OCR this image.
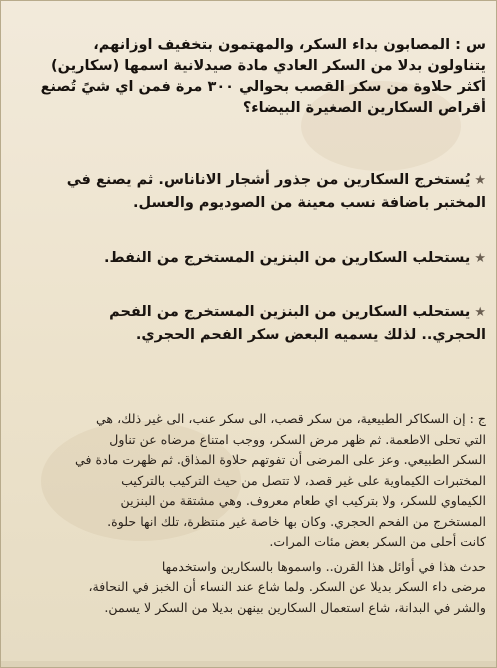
س : المصابون بداء السكر، والمهتمون بتخفيف اوزانهم،
يتناولون بدلا من السكر العادي مادة صيدلانية اسمها (سكارين)
أكثر حلاوة من سكر القصب بحوالي ٣٠٠ مرة فمن اي شيً تُصنع
أقراص السكارين الصغيرة البيضاء؟
★يُستخرج السكارين من جذور أشجار الاناناس. ثم يصنع في
المختبر باضافة نسب معينة من الصوديوم والعسل.
★يستحلب السكارين من البنزين المستخرج من النفط.
★يستحلب السكارين من البنزين المستخرج من الفحم
الحجري.. لذلك يسميه البعض سكر الفحم الحجري.
ج : إن السكاكر الطبيعية، من سكر قصب، الى سكر عنب، الى غير ذلك، هي
التي تحلى الاطعمة. ثم ظهر مرض السكر، ووجب امتناع مرضاه عن تناول
السكر الطبيعي. وعز على المرضى أن تفوتهم حلاوة المذاق. ثم ظهرت مادة في
المختبرات الكيماوية على غير قصد، لا تتصل من حيث التركيب بالتركيب
الكيماوي للسكر، ولا بتركيب اي طعام معروف. وهي مشتقة من البنزين
المستخرج من الفحم الحجري. وكان بها خاصة غير منتظرة، تلك انها حلوة.
كانت أحلى من السكر بعض مئات المرات.
حدث هذا في أوائل هذا القرن.. واسموها بالسكارين واستخدمها
مرضى داء السكر بديلا عن السكر. ولما شاع عند النساء أن الخبز في النحافة،
والشر في البدانة، شاع استعمال السكارين بينهن بديلا من السكر لا يسمن.
